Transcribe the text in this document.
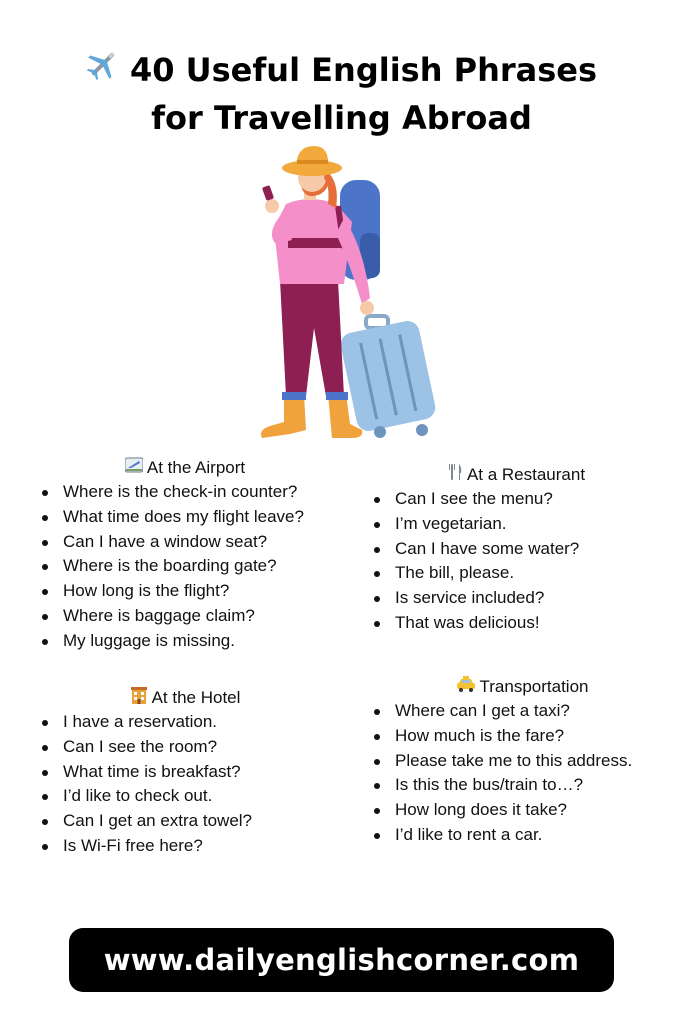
40 Useful English Phrases
for Travelling Abroad
At the Airport
Where is the check-in counter?
What time does my flight leave?
Can I have a window seat?
Where is the boarding gate?
How long is the flight?
Where is baggage claim?
My luggage is missing.
At a Restaurant
Can I see the menu?
I’m vegetarian.
Can I have some water?
The bill, please.
Is service included?
That was delicious!
At the Hotel
I have a reservation.
Can I see the room?
What time is breakfast?
I’d like to check out.
Can I get an extra towel?
Is Wi-Fi free here?
Transportation
Where can I get a taxi?
How much is the fare?
Please take me to this address.
Is this the bus/train to…?
How long does it take?
I’d like to rent a car.
www.dailyenglishcorner.com
